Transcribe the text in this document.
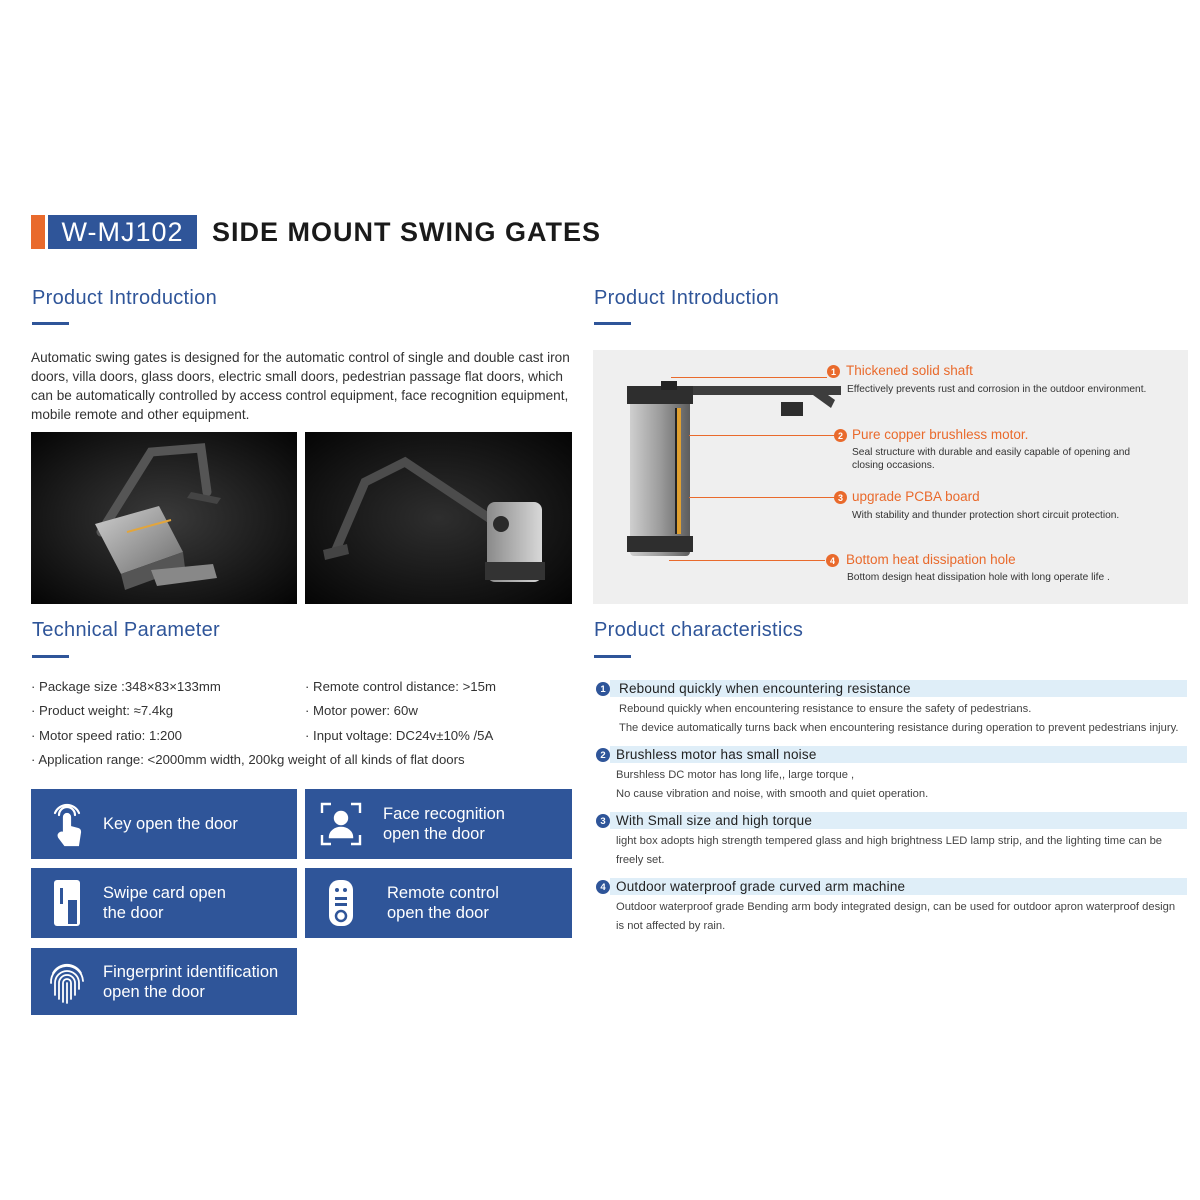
W-MJ102	SIDE MOUNT SWING GATES
Product Introduction
Automatic swing gates is designed for the automatic control of single and double cast iron doors, villa doors, glass doors, electric small doors, pedestrian passage flat doors, which can be automatically controlled by access control equipment, face recognition equipment, mobile remote and other equipment.
Technical Parameter
· Package size :348×83×133mm	· Remote control distance: >15m
· Product weight: ≈7.4kg	· Motor power: 60w
· Motor speed ratio: 1:200	· Input voltage: DC24v±10% /5A
· Application range: <2000mm width, 200kg weight of all kinds of flat doors
Key open the door
Face recognition
open the door
Swipe card open
the door
Remote control
open the door
Fingerprint identification
open the door
Product Introduction
1 Thickened solid shaft
Effectively prevents rust and corrosion in the outdoor environment.
2 Pure copper brushless motor.
Seal structure with durable and easily capable of opening and closing occasions.
3 upgrade PCBA board
With stability and thunder protection short circuit protection.
4 Bottom heat dissipation hole
Bottom design heat dissipation hole with long operate life .
Product characteristics
1 Rebound quickly when encountering resistance
Rebound quickly when encountering resistance to ensure the safety of pedestrians.
The device automatically turns back when encountering resistance during operation to prevent pedestrians injury.
2 Brushless motor has small noise
Burshless DC motor has long life,, large torque ,
No cause vibration and noise, with smooth and quiet operation.
3 With Small size and high torque
light box adopts high strength tempered glass and high brightness LED lamp strip, and the lighting time can be
freely set.
4 Outdoor waterproof grade curved arm machine
Outdoor waterproof grade Bending arm body integrated design, can be used for outdoor apron waterproof design
is not affected by rain.
